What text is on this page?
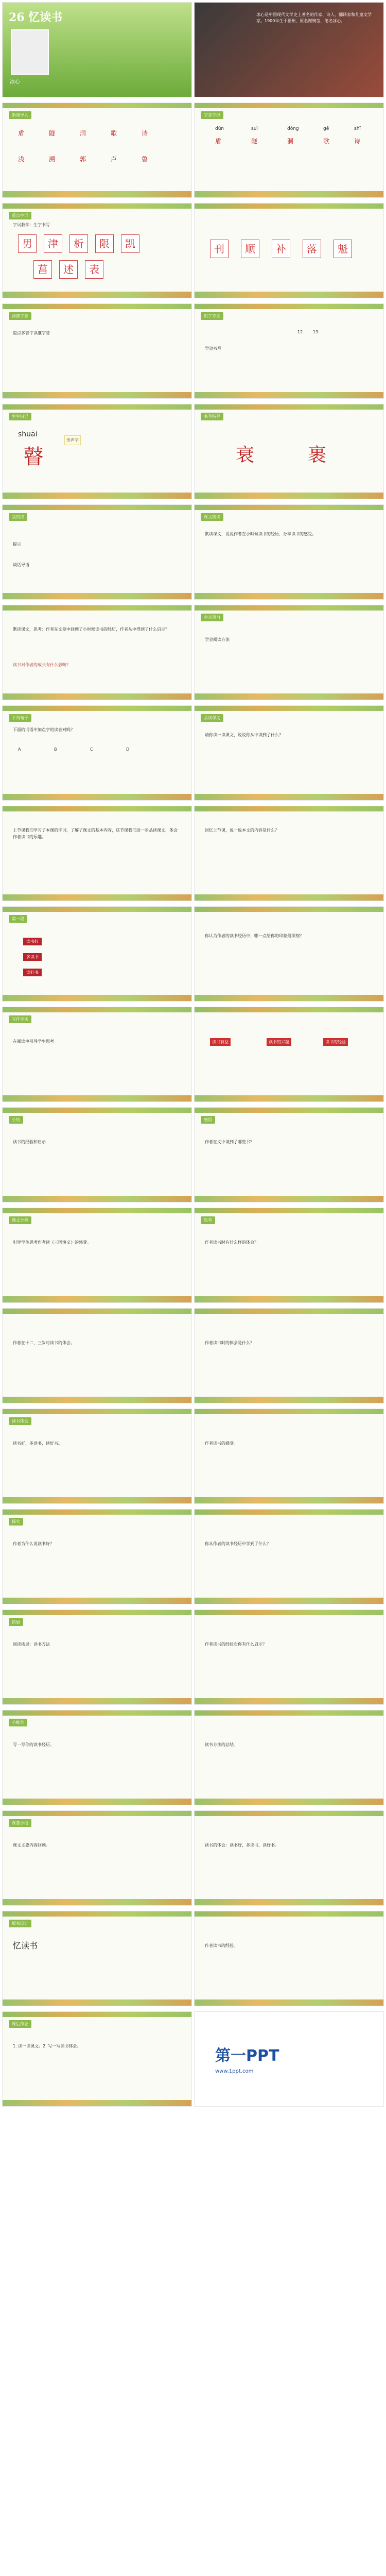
26 忆读书
冰心
冰心是中国现代文学史上著名的作家、诗人、翻译家和儿童文学家。1900年生于福州，原名谢婉莹，笔名冰心。
新课导入
盾	隧	洞	歌	诗
浅	溯	郭	卢	鲁
字音字形
dùn	suì	dòng	gē	shī
盾	隧	洞	歌	诗
重点字词
字词教学：生字书写
男	津	析	限	凯
菖	述	表
刊	顺	补	落	魁
读准字音
重点多音字读准字音
识字方法
12 13
学会书写
生字识记
shuāi
瞽
形声字
书写指导
衰	裹
我的诗
提示
谈话导语
课文朗读
默读课文，说说作者在小时候读书的经历，分享读书的感受。
默读课文，思考：作者在文章中回顾了小时候读书的经历，作者从中得到了什么启示？
读书对作者的成长有什么影响？
字音预习
学会阅读方法
下列句子
下面的词语中加点字的读音对吗？
A	B	C	D
品读课文
请你读一读课文，说说你从中读到了什么？
上节课我们学习了本课的字词，了解了课文的基本内容，这节课我们进一步品读课文，体会作者读书的乐趣。
回忆上节课，说一说本文的内容是什么？
第一段
读书好
多读书
读好书
你认为作者的读书经历中，哪一点给你的印象最深刻？
写作手法
在阅读中引导学生思考	读书有益	读书的兴趣	读书的经验
小结
读书的经验和启示
感悟
作者在文中谈到了哪些书？
课文分析
引导学生思考作者读《三国演义》的感受。
思考
作者读书时有什么样的体会？
作者在十二、三岁时读书的体会。	作者读书时的体会是什么？
读书体会
读书好，多读书，读好书。	作者读书的感受。
探究
作者为什么说读书好？	你从作者的读书经历中学到了什么？
拓展
阅读拓展：读书方法	作者读书的经验对你有什么启示？
小练笔
写一写你的读书经历。	读书方法的总结。
课堂小结
课文主要内容回顾。	读书的体会：读书好，多读书，读好书。
板书设计
忆读书	作者读书的经验。
课后作业
1. 读一读课文。2. 写一写读书体会。
第一PPT
www.1ppt.com
